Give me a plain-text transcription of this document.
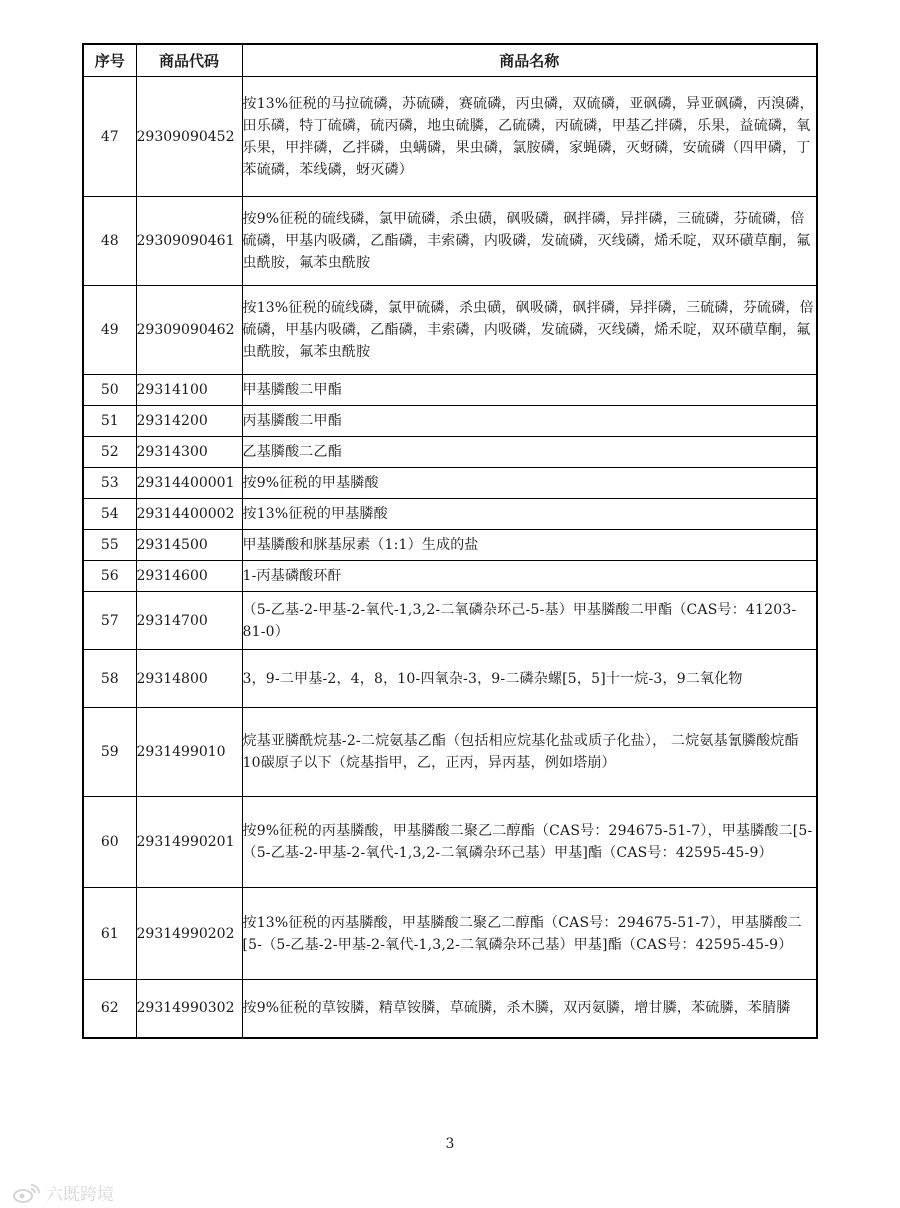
序号	商品代码	商品名称
47	29309090452	按13%征税的马拉硫磷，苏硫磷，赛硫磷，丙虫磷，双硫磷，亚砜磷，异亚砜磷，丙溴磷，田乐磷，特丁硫磷，硫丙磷，地虫硫膦，乙硫磷，丙硫磷，甲基乙拌磷，乐果，益硫磷，氧乐果，甲拌磷，乙拌磷，虫螨磷，果虫磷，氯胺磷，家蝇磷，灭蚜磷，安硫磷（四甲磷，丁苯硫磷，苯线磷，蚜灭磷）
48	29309090461	按9%征税的硫线磷，氯甲硫磷，杀虫磺，砜吸磷，砜拌磷，异拌磷，三硫磷，芬硫磷，倍硫磷，甲基内吸磷，乙酯磷，丰索磷，内吸磷，发硫磷，灭线磷，烯禾啶，双环磺草酮，氟虫酰胺，氟苯虫酰胺
49	29309090462	按13%征税的硫线磷，氯甲硫磷，杀虫磺，砜吸磷，砜拌磷，异拌磷，三硫磷，芬硫磷，倍硫磷，甲基内吸磷，乙酯磷，丰索磷，内吸磷，发硫磷，灭线磷，烯禾啶，双环磺草酮，氟虫酰胺，氟苯虫酰胺
50	29314100	甲基膦酸二甲酯
51	29314200	丙基膦酸二甲酯
52	29314300	乙基膦酸二乙酯
53	29314400001	按9%征税的甲基膦酸
54	29314400002	按13%征税的甲基膦酸
55	29314500	甲基膦酸和脒基尿素（1:1）生成的盐
56	29314600	1-丙基磷酸环酐
57	29314700	（5-乙基-2-甲基-2-氧代-1,3,2-二氧磷杂环己-5-基）甲基膦酸二甲酯（CAS号：41203-81-0）
58	29314800	3，9-二甲基-2，4，8，10-四氧杂-3，9-二磷杂螺[5，5]十一烷-3，9二氧化物
59	2931499010	烷基亚膦酰烷基-2-二烷氨基乙酯（包括相应烷基化盐或质子化盐）， 二烷氨基氰膦酸烷酯10碳原子以下（烷基指甲，乙，正丙，异丙基，例如塔崩）
60	29314990201	按9%征税的丙基膦酸，甲基膦酸二聚乙二醇酯（CAS号：294675-51-7），甲基膦酸二[5-（5-乙基-2-甲基-2-氧代-1,3,2-二氧磷杂环己基）甲基]酯（CAS号：42595-45-9）
61	29314990202	按13%征税的丙基膦酸，甲基膦酸二聚乙二醇酯（CAS号：294675-51-7），甲基膦酸二[5-（5-乙基-2-甲基-2-氧代-1,3,2-二氧磷杂环己基）甲基]酯（CAS号：42595-45-9）
62	29314990302	按9%征税的草铵膦，精草铵膦，草硫膦，杀木膦，双丙氨膦，增甘膦，苯硫膦，苯腈膦
3
六既跨境
